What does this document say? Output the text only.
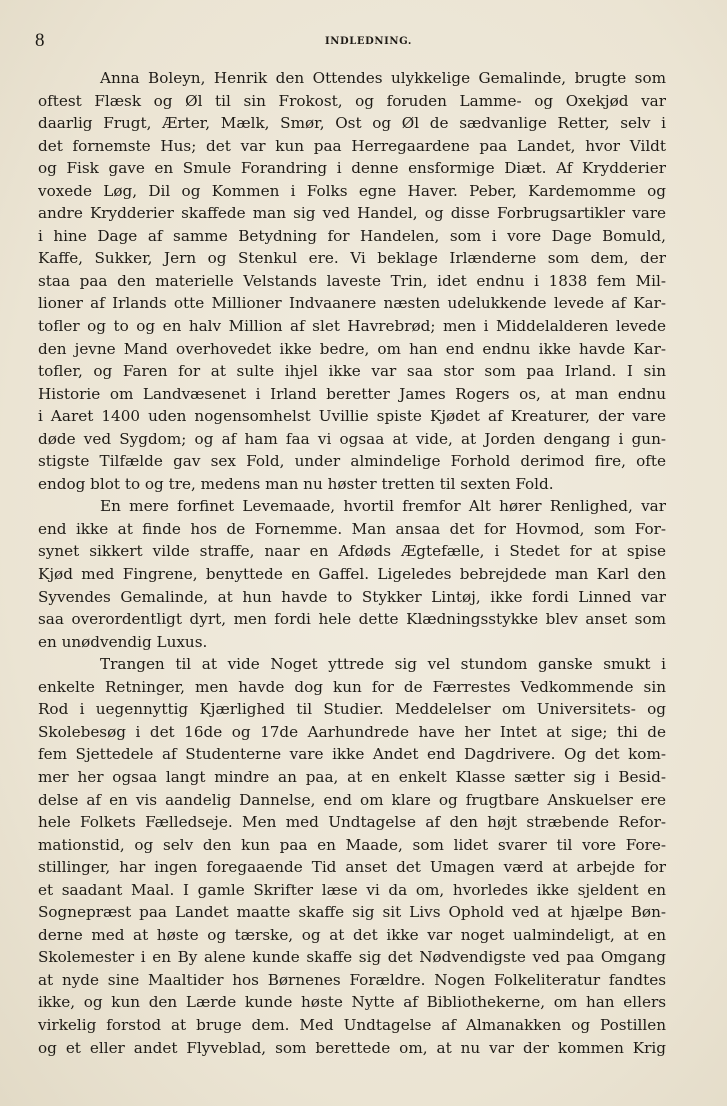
8	INDLEDNING.
Anna Boleyn, Henrik den Ottendes ulykkelige Gemalinde, brugte som
oftest Flæsk og Øl til sin Frokost, og foruden Lamme- og Oxekjød var
daarlig Frugt, Ærter, Mælk, Smør, Ost og Øl de sædvanlige Retter, selv i
det fornemste Hus; det var kun paa Herregaardene paa Landet, hvor Vildt
og Fisk gave en Smule Forandring i denne ensformige Diæt. Af Krydderier
voxede Løg, Dil og Kommen i Folks egne Haver. Peber, Kardemomme og
andre Krydderier skaffede man sig ved Handel, og disse Forbrugsartikler vare
i hine Dage af samme Betydning for Handelen, som i vore Dage Bomuld,
Kaffe, Sukker, Jern og Stenkul ere. Vi beklage Irlænderne som dem, der
staa paa den materielle Velstands laveste Trin, idet endnu i 1838 fem Mil-
lioner af Irlands otte Millioner Indvaanere næsten udelukkende levede af Kar-
tofler og to og en halv Million af slet Havrebrød; men i Middelalderen levede
den jevne Mand overhovedet ikke bedre, om han end endnu ikke havde Kar-
tofler, og Faren for at sulte ihjel ikke var saa stor som paa Irland. I sin
Historie om Landvæsenet i Irland beretter James Rogers os, at man endnu
i Aaret 1400 uden nogensomhelst Uvillie spiste Kjødet af Kreaturer, der vare
døde ved Sygdom; og af ham faa vi ogsaa at vide, at Jorden dengang i gun-
stigste Tilfælde gav sex Fold, under almindelige Forhold derimod fire, ofte
endog blot to og tre, medens man nu høster tretten til sexten Fold.
En mere forfinet Levemaade, hvortil fremfor Alt hører Renlighed, var
end ikke at finde hos de Fornemme. Man ansaa det for Hovmod, som For-
synet sikkert vilde straffe, naar en Afdøds Ægtefælle, i Stedet for at spise
Kjød med Fingrene, benyttede en Gaffel. Ligeledes bebrejdede man Karl den
Syvendes Gemalinde, at hun havde to Stykker Lintøj, ikke fordi Linned var
saa overordentligt dyrt, men fordi hele dette Klædningsstykke blev anset som
en unødvendig Luxus.
Trangen til at vide Noget yttrede sig vel stundom ganske smukt i
enkelte Retninger, men havde dog kun for de Færrestes Vedkommende sin
Rod i uegennyttig Kjærlighed til Studier. Meddelelser om Universitets- og
Skolebesøg i det 16de og 17de Aarhundrede have her Intet at sige; thi de
fem Sjettedele af Studenterne vare ikke Andet end Dagdrivere. Og det kom-
mer her ogsaa langt mindre an paa, at en enkelt Klasse sætter sig i Besid-
delse af en vis aandelig Dannelse, end om klare og frugtbare Anskuelser ere
hele Folkets Fælledseje. Men med Undtagelse af den højt stræbende Refor-
mationstid, og selv den kun paa en Maade, som lidet svarer til vore Fore-
stillinger, har ingen foregaaende Tid anset det Umagen værd at arbejde for
et saadant Maal. I gamle Skrifter læse vi da om, hvorledes ikke sjeldent en
Sognepræst paa Landet maatte skaffe sig sit Livs Ophold ved at hjælpe Bøn-
derne med at høste og tærske, og at det ikke var noget ualmindeligt, at en
Skolemester i en By alene kunde skaffe sig det Nødvendigste ved paa Omgang
at nyde sine Maaltider hos Børnenes Forældre. Nogen Folkeliteratur fandtes
ikke, og kun den Lærde kunde høste Nytte af Bibliothekerne, om han ellers
virkelig forstod at bruge dem. Med Undtagelse af Almanakken og Postillen
og et eller andet Flyveblad, som berettede om, at nu var der kommen Krig
